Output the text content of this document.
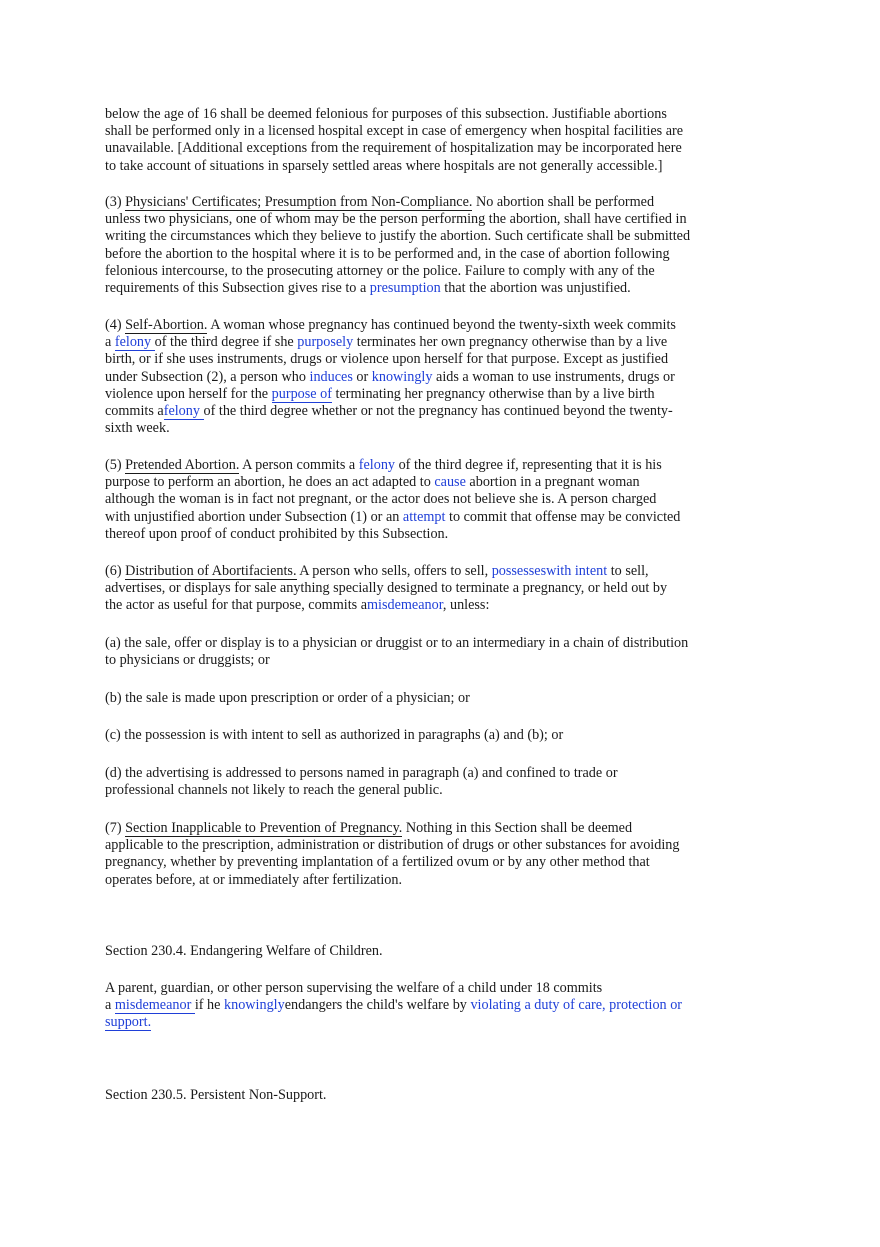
below the age of 16 shall be deemed felonious for purposes of this subsection. Justifiable abortions
shall be performed only in a licensed hospital except in case of emergency when hospital facilities are
unavailable. [Additional exceptions from the requirement of hospitalization may be incorporated here
to take account of situations in sparsely settled areas where hospitals are not generally accessible.]
(3) Physicians' Certificates; Presumption from Non-Compliance. No abortion shall be performed
unless two physicians, one of whom may be the person performing the abortion, shall have certified in
writing the circumstances which they believe to justify the abortion. Such certificate shall be submitted
before the abortion to the hospital where it is to be performed and, in the case of abortion following
felonious intercourse, to the prosecuting attorney or the police. Failure to comply with any of the
requirements of this Subsection gives rise to a presumption that the abortion was unjustified.
(4) Self-Abortion. A woman whose pregnancy has continued beyond the twenty-sixth week commits
a felony of the third degree if she purposely terminates her own pregnancy otherwise than by a live
birth, or if she uses instruments, drugs or violence upon herself for that purpose. Except as justified
under Subsection (2), a person who induces or knowingly aids a woman to use instruments, drugs or
violence upon herself for the purpose of terminating her pregnancy otherwise than by a live birth
commits afelony of the third degree whether or not the pregnancy has continued beyond the twenty-
sixth week.
(5) Pretended Abortion. A person commits a felony of the third degree if, representing that it is his
purpose to perform an abortion, he does an act adapted to cause abortion in a pregnant woman
although the woman is in fact not pregnant, or the actor does not believe she is. A person charged
with unjustified abortion under Subsection (1) or an attempt to commit that offense may be convicted
thereof upon proof of conduct prohibited by this Subsection.
(6) Distribution of Abortifacients. A person who sells, offers to sell, possesseswith intent to sell,
advertises, or displays for sale anything specially designed to terminate a pregnancy, or held out by
the actor as useful for that purpose, commits amisdemeanor, unless:
(a) the sale, offer or display is to a physician or druggist or to an intermediary in a chain of distribution
to physicians or druggists; or
(b) the sale is made upon prescription or order of a physician; or
(c) the possession is with intent to sell as authorized in paragraphs (a) and (b); or
(d) the advertising is addressed to persons named in paragraph (a) and confined to trade or
professional channels not likely to reach the general public.
(7) Section Inapplicable to Prevention of Pregnancy. Nothing in this Section shall be deemed
applicable to the prescription, administration or distribution of drugs or other substances for avoiding
pregnancy, whether by preventing implantation of a fertilized ovum or by any other method that
operates before, at or immediately after fertilization.
Section 230.4. Endangering Welfare of Children.
A parent, guardian, or other person supervising the welfare of a child under 18 commits
a misdemeanor if he knowinglyendangers the child's welfare by violating a duty of care, protection or
support.
Section 230.5. Persistent Non-Support.
